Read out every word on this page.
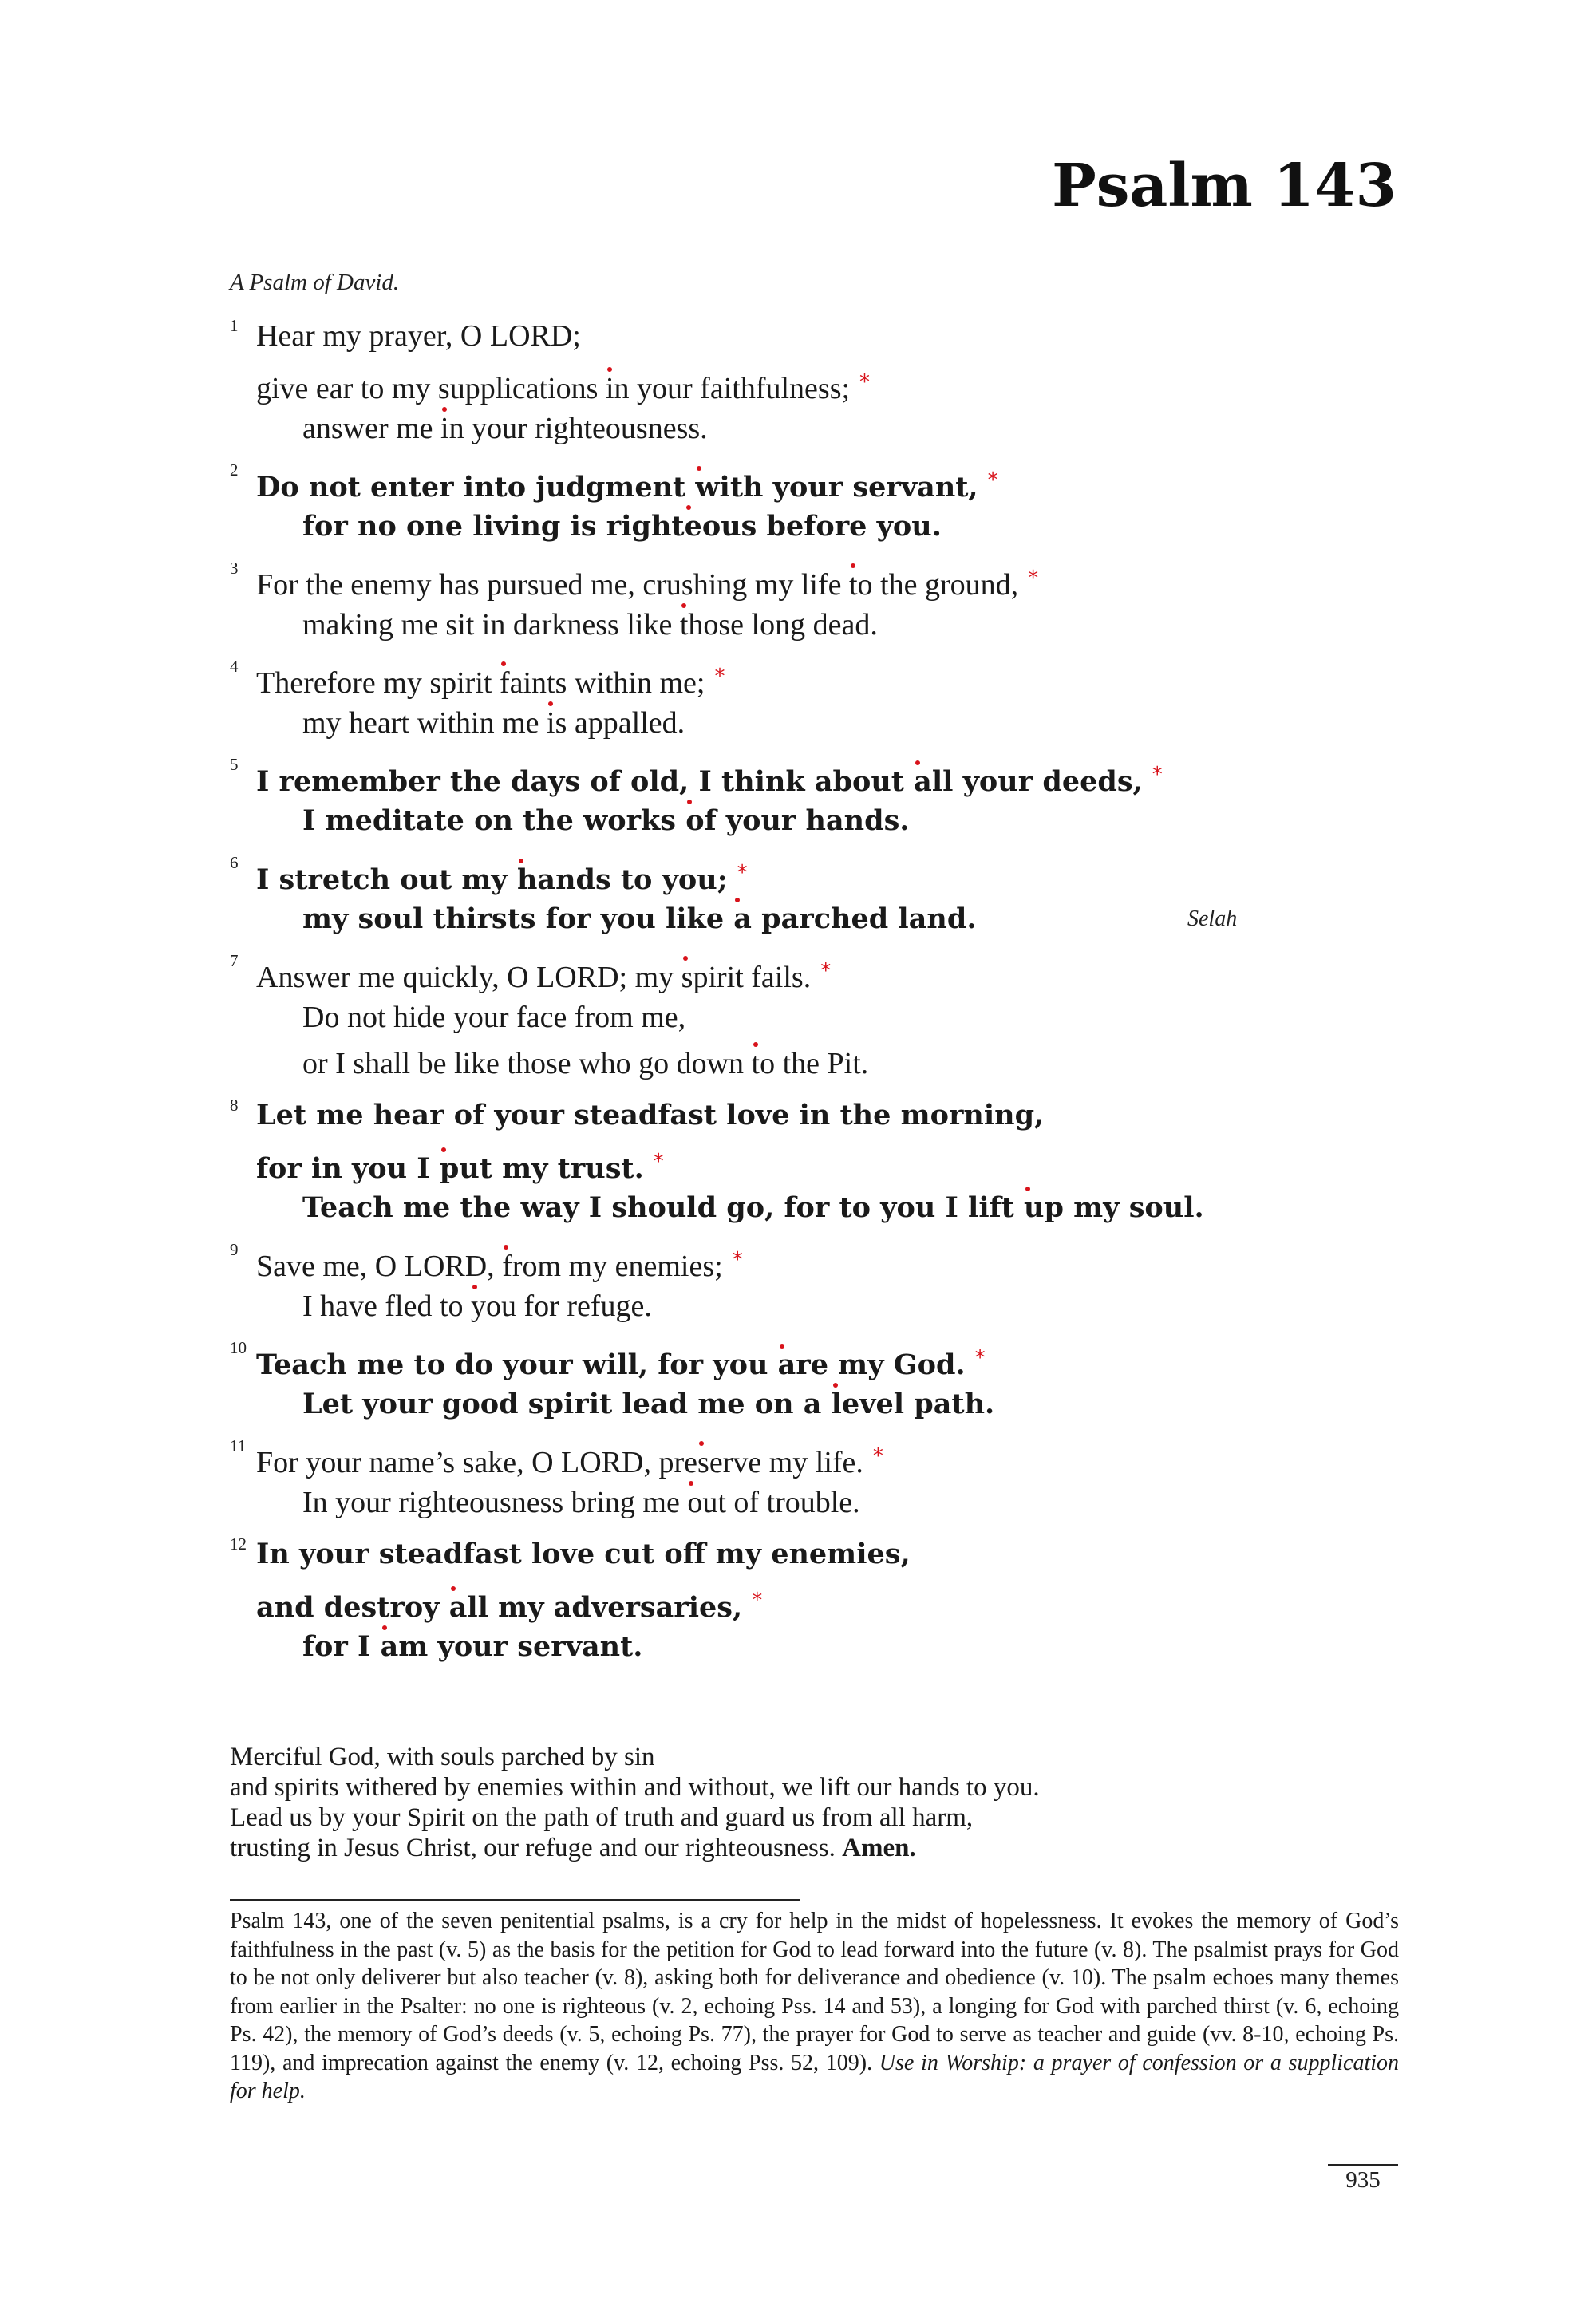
Psalm 143

A Psalm of David.

1 Hear my prayer, O LORD;
give ear to my supplications in your faithfulness; *
answer me in your righteousness.
2
Do not enter into judgment with your servant, *
for no one living is righteous before you.
3 For the enemy has pursued me, crushing my life to the ground, *
making me sit in darkness like those long dead.
4 Therefore my spirit faints within me; *
my heart within me is appalled.
5
I remember the days of old, I think about all your deeds, *
I meditate on the works of your hands.
6
I stretch out my hands to you; *
my soul thirsts for you like a parched land.	Selah
7 Answer me quickly, O LORD; my spirit fails. *
Do not hide your face from me,
or I shall be like those who go down to the Pit.
8 Let me hear of your steadfast love in the morning,
for in you I put my trust. *
Teach me the way I should go, for to you I lift up my soul.
9 Save me, O LORD, from my enemies; *
I have fled to you for refuge.
10
Teach me to do your will, for you are my God. *
Let your good spirit lead me on a level path.
11 For your name’s sake, O LORD, preserve my life. *
In your righteousness bring me out of trouble.
12 In your steadfast love cut off my enemies,
and destroy all my adversaries, *
for I am your servant.
Merciful God, with souls parched by sin
and spirits withered by enemies within and without, we lift our hands to you.
Lead us by your Spirit on the path of truth and guard us from all harm,
trusting in Jesus Christ, our refuge and our righteousness. Amen.

Psalm 143, one of the seven penitential psalms, is a cry for help in the midst of hopelessness. It evokes the memory of God’s faithfulness in the past (v. 5) as the basis for the petition for God to lead forward into the future (v. 8). The psalmist prays for God to be not only deliverer but also teacher (v. 8), asking both for deliverance and obedience (v. 10). The psalm echoes many themes from earlier in the Psalter: no one is righteous (v. 2, echoing Pss. 14 and 53), a longing for God with parched thirst (v. 6, echoing Ps. 42), the memory of God’s deeds (v. 5, echoing Ps. 77), the prayer for God to serve as teacher and guide (vv. 8-10, echoing Ps. 119), and imprecation against the enemy (v. 12, echoing Pss. 52, 109). Use in Worship: a prayer of confession or a supplication for help.

935
